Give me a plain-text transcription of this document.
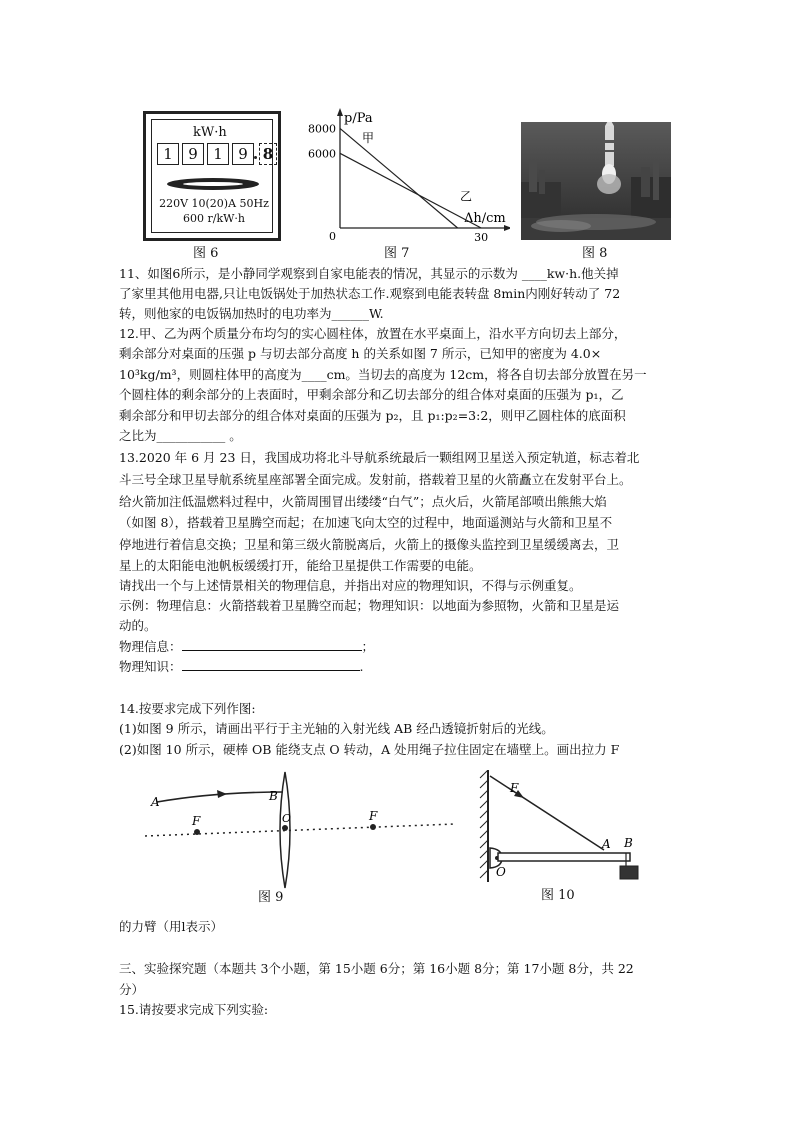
kW·h
1	9	1	9	8
220V 10(20)A 50Hz
600 r/kW·h
图 6
p/Pa
Δh/cm
8000
6000
0	30
甲
乙
图 7	图 8
11、如图6所示，是小静同学观察到自家电能表的情况，其显示的示数为 ____kw·h.他关掉
了家里其他用电器,只让电饭锅处于加热状态工作.观察到电能表转盘 8min内刚好转动了 72
转，则他家的电饭锅加热时的电功率为______W.
12.甲、乙为两个质量分布均匀的实心圆柱体，放置在水平桌面上，沿水平方向切去上部分，
剩余部分对桌面的压强 p 与切去部分高度 h 的关系如图 7 所示，已知甲的密度为 4.0×
10³kg/m³，则圆柱体甲的高度为____cm。当切去的高度为 12cm，将各自切去部分放置在另一
个圆柱体的剩余部分的上表面时，甲剩余部分和乙切去部分的组合体对桌面的压强为 p₁，乙
剩余部分和甲切去部分的组合体对桌面的压强为 p₂，且 p₁:p₂=3:2，则甲乙圆柱体的底面积
之比为___________ 。
13.2020 年 6 月 23 日，我国成功将北斗导航系统最后一颗组网卫星送入预定轨道，标志着北
斗三号全球卫星导航系统星座部署全面完成。发射前，搭载着卫星的火箭矗立在发射平台上。
给火箭加注低温燃料过程中，火箭周围冒出缕缕“白气”；点火后，火箭尾部喷出熊熊大焰
（如图 8），搭载着卫星腾空而起；在加速飞向太空的过程中，地面遥测站与火箭和卫星不
停地进行着信息交换；卫星和第三级火箭脱离后，火箭上的摄像头监控到卫星缓缓离去，卫
星上的太阳能电池帆板缓缓打开，能给卫星提供工作需要的电能。
请找出一个与上述情景相关的物理信息，并指出对应的物理知识，不得与示例重复。
示例：物理信息：火箭搭载着卫星腾空而起；物理知识：以地面为参照物，火箭和卫星是运
动的。
物理信息：	；
物理知识：	.
14.按要求完成下列作图:
(1)如图 9 所示，请画出平行于主光轴的入射光线 AB 经凸透镜折射后的光线。
(2)如图 10 所示，硬棒 OB 能绕支点 O 转动，A 处用绳子拉住固定在墙壁上。画出拉力 F
A	B
F	O	F
图 9
F
A B
O
图 10
的力臂（用l表示）
三、实验探究题（本题共 3个小题，第 15小题 6分；第 16小题 8分；第 17小题 8分，共 22
分）
15.请按要求完成下列实验:
